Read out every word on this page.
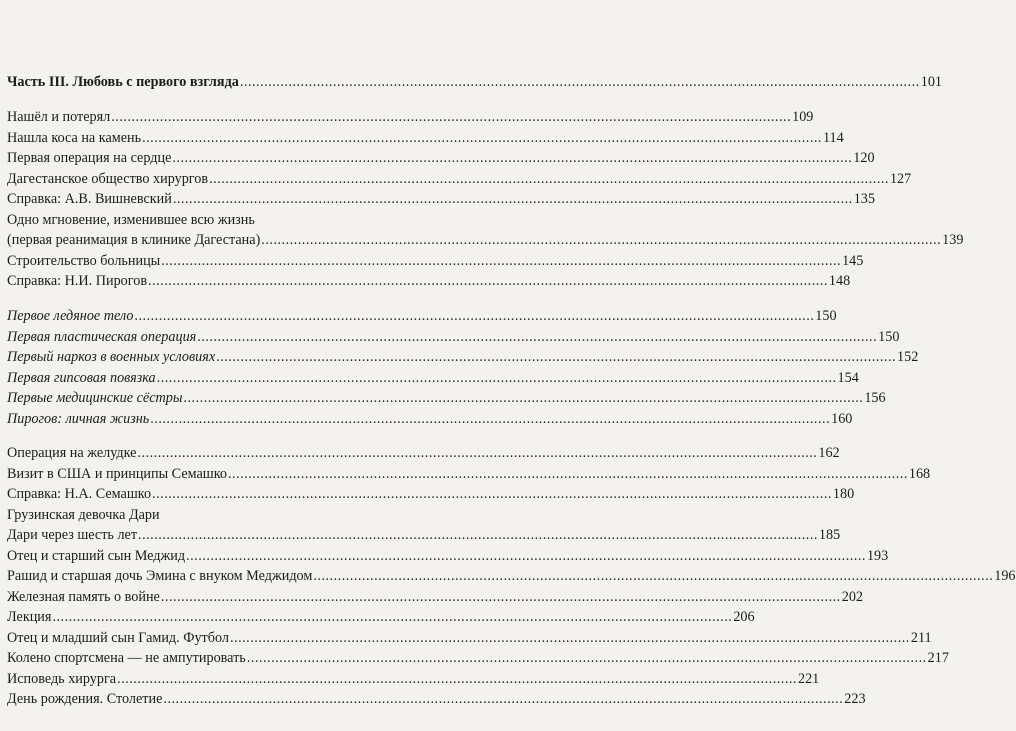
Часть III. Любовь с первого взгляда .....	101
Нашёл и потерял .....	109
Нашла коса на камень .....	114
Первая операция на сердце .....	120
Дагестанское общество хирургов .....	127
Справка: А.В. Вишневский .....	135
Одно мгновение, изменившее всю жизнь
(первая реанимация в клинике Дагестана) .....	139
Строительство больницы .....	145
Справка: Н.И. Пирогов .....	148
Первое ледяное тело .....	150
Первая пластическая операция .....	150
Первый наркоз в военных условиях .....	152
Первая гипсовая повязка .....	154
Первые медицинские сёстры .....	156
Пирогов: личная жизнь .....	160
Операция на желудке .....	162
Визит в США и принципы Семашко .....	168
Справка: Н.А. Семашко .....	180
Грузинская девочка Дари
Дари через шесть лет .....	185
Отец и старший сын Меджид .....	193
Рашид и старшая дочь Эмина с внуком Меджидом .....	196
Железная память о войне .....	202
Лекция .....	206
Отец и младший сын Гамид. Футбол .....	211
Колено спортсмена — не ампутировать .....	217
Исповедь хирурга .....	221
День рождения. Столетие .....	223
